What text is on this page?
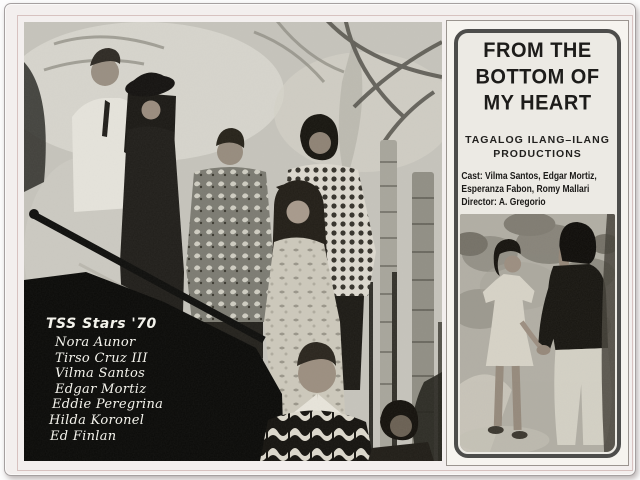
TSS Stars '70
Nora Aunor
Tirso Cruz III
Vilma Santos
Edgar Mortiz
Eddie Peregrina
Hilda Koronel
Ed Finlan
FROM THE
BOTTOM OF
MY HEART
TAGALOG ILANG–ILANG
PRODUCTIONS
Cast: Vilma Santos, Edgar Mortiz,
Esperanza Fabon, Romy Mallari
Director: A. Gregorio
